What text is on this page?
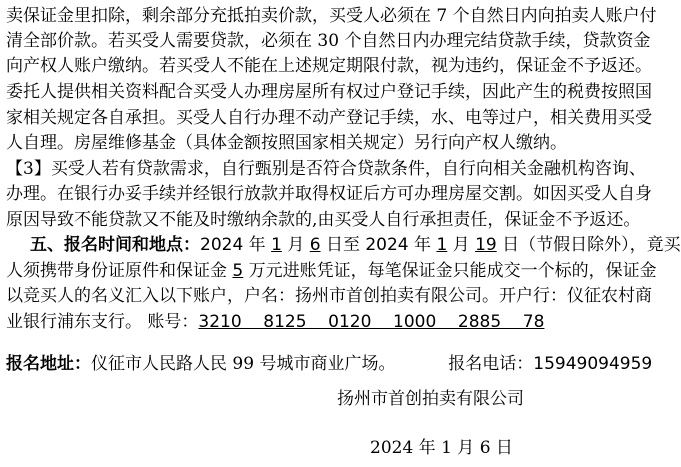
卖保证金里扣除，剩余部分充抵拍卖价款，买受人必须在 7 个自然日内向拍卖人账户付
清全部价款。若买受人需要贷款，必须在 30 个自然日内办理完结贷款手续，贷款资金
向产权人账户缴纳。若买受人不能在上述规定期限付款，视为违约，保证金不予返还。
委托人提供相关资料配合买受人办理房屋所有权过户登记手续，因此产生的税费按照国
家相关规定各自承担。买受人自行办理不动产登记手续，水、电等过户，相关费用买受
人自理。房屋维修基金（具体金额按照国家相关规定）另行向产权人缴纳。
【3】买受人若有贷款需求，自行甄别是否符合贷款条件，自行向相关金融机构咨询、
办理。在银行办妥手续并经银行放款并取得权证后方可办理房屋交割。如因买受人自身
原因导致不能贷款又不能及时缴纳余款的,由买受人自行承担责任，保证金不予返还。
五、报名时间和地点：2024 年 1 月 6 日至 2024 年 1 月 19 日（节假日除外），竟买
人须携带身份证原件和保证金 5 万元进账凭证，每笔保证金只能成交一个标的，保证金
以竞买人的名义汇入以下账户，户名：扬州市首创拍卖有限公司。开户行：仪征农村商
业银行浦东支行。 账号：3210    8125    0120    1000    2885    78
报名地址：仪征市人民路人民 99 号城市商业广场。	报名电话：15949094959
扬州市首创拍卖有限公司
2024 年 1 月 6 日
